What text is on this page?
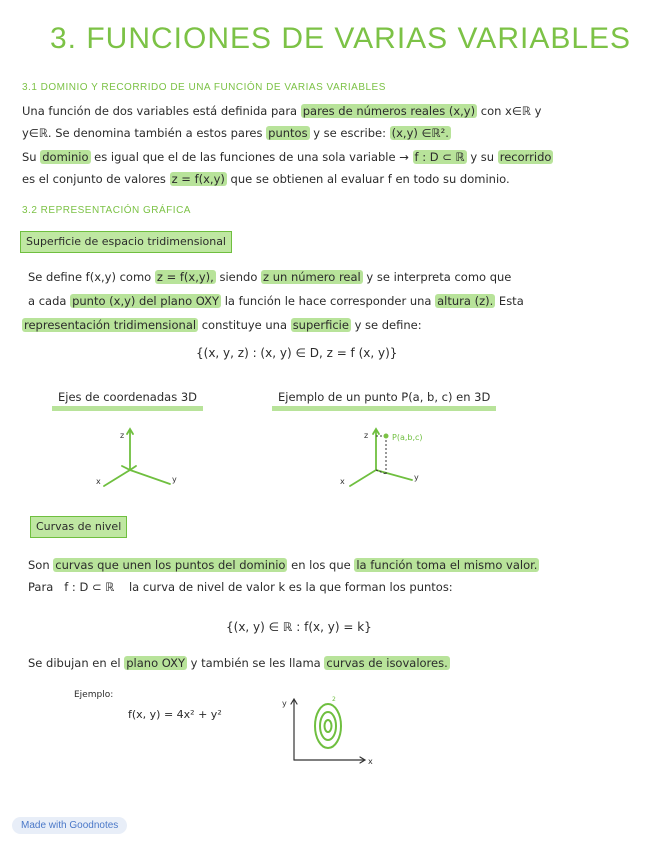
3. FUNCIONES DE VARIAS VARIABLES
3.1 DOMINIO Y RECORRIDO DE UNA FUNCIÓN DE VARIAS VARIABLES
Una función de dos variables está definida para pares de números reales (x,y) con x∈ℝ y
y∈ℝ. Se denomina también a estos pares puntos y se escribe: (x,y) ∈ℝ².
Su dominio es igual que el de las funciones de una sola variable → f : D ⊂ ℝ y su recorrido
es el conjunto de valores z = f(x,y) que se obtienen al evaluar f en todo su dominio.
3.2 REPRESENTACIÓN GRÁFICA
Superficie de espacio tridimensional
Se define f(x,y) como z = f(x,y), siendo z un número real y se interpreta como que
a cada punto (x,y) del plano OXY la función le hace corresponder una altura (z). Esta
representación tridimensional constituye una superficie y se define:
{(x, y, z) : (x, y) ∈ D, z = f (x, y)}
Ejes de coordenadas 3D	Ejemplo de un punto P(a, b, c) en 3D
z
x	y
z
x	y
P(a,b,c)
Curvas de nivel
Son curvas que unen los puntos del dominio en los que la función toma el mismo valor.
Para   f : D ⊂ ℝ    la curva de nivel de valor k es la que forman los puntos:
{(x, y) ∈ ℝ : f(x, y) = k}
Se dibujan en el plano OXY y también se les llama curvas de isovalores.
Ejemplo:
f(x, y) = 4x² + y²
y
x
2
Made with Goodnotes
